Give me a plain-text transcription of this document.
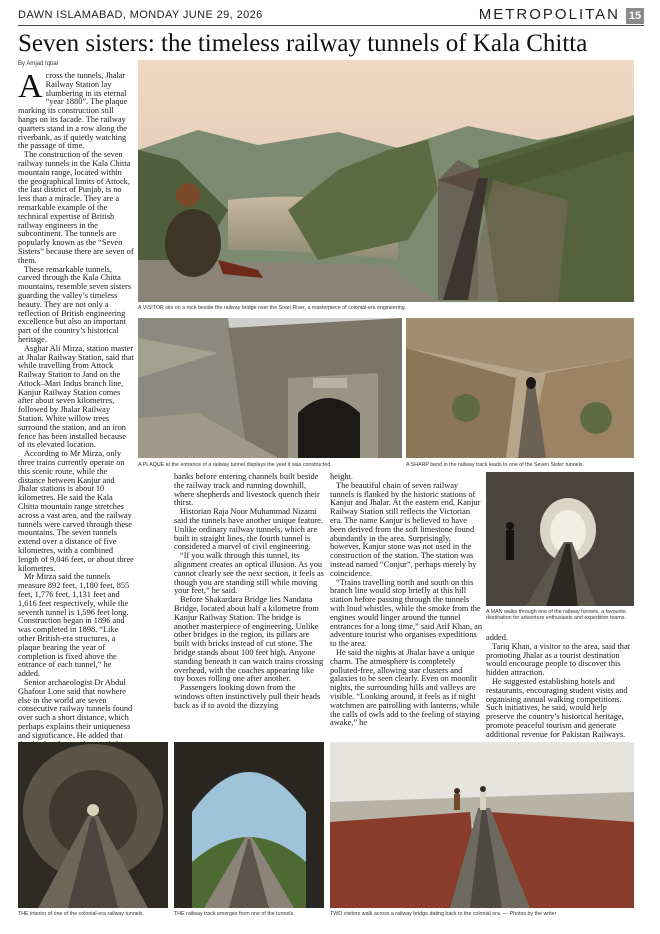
DAWN ISLAMABAD, MONDAY JUNE 29, 2026	METROPOLITAN 15
Seven sisters: the timeless railway tunnels of Kala Chitta
By Amjad Iqbal

Across the tunnels, Jhalar Railway Station lay slumbering in its eternal “year 1880”. The plaque marking its construction still hangs on its facade. The railway quarters stand in a row along the riverbank, as if quietly watching the passage of time.

The construction of the seven railway tunnels in the Kala Chitta mountain range, located within the geographical limits of Attock, the last district of Punjab, is no less than a miracle. They are a remarkable example of the technical expertise of British railway engineers in the subcontinent. The tunnels are popularly known as the “Seven Sisters” because there are seven of them.

These remarkable tunnels, carved through the Kala Chitta mountains, resemble seven sisters guarding the valley’s timeless beauty. They are not only a reflection of British engineering excellence but also an important part of the country’s historical heritage.

Asghar Ali Mirza, station master at Jhalar Railway Station, said that while travelling from Attock Railway Station to Jand on the Attock–Mari Indus branch line, Kanjur Railway Station comes after about seven kilometres, followed by Jhalar Railway Station. White willow trees surround the station, and an iron fence has been installed because of its elevated location.

According to Mr Mirza, only three trains currently operate on this scenic route, while the distance between Kanjur and Jhalar stations is about 10 kilometres. He said the Kala Chitta mountain range stretches across a vast area, and the railway tunnels were carved through these mountains. The seven tunnels extend over a distance of five kilometres, with a combined length of 9,046 feet, or about three kilometres.

Mr Mirza said the tunnels measure 892 feet, 1,180 feet, 855 feet, 1,776 feet, 1,131 feet and 1,616 feet respectively, while the seventh tunnel is 1,596 feet long. Construction began in 1896 and was completed in 1898. “Like other British-era structures, a plaque bearing the year of completion is fixed above the entrance of each tunnel,” he added.

Senior archaeologist Dr Abdul Ghafour Lone said that nowhere else in the world are seven consecutive railway tunnels found over such a short distance, which perhaps explains their uniqueness and significance. He added that

A VISITOR sits on a rock beside the railway bridge over the Soan River, a masterpiece of colonial-era engineering.
A PLAQUE at the entrance of a railway tunnel displays the year it was constructed.	A SHARP bend in the railway track leads to one of the Seven Sister tunnels.

banks before entering channels built beside the railway track and running downhill, where shepherds and livestock quench their thirst.

Historian Raja Noor Muhammad Nizami said the tunnels have another unique feature. Unlike ordinary railway tunnels, which are built in straight lines, the fourth tunnel is considered a marvel of civil engineering.

“If you walk through this tunnel, its alignment creates an optical illusion. As you cannot clearly see the next section, it feels as though you are standing still while moving your feet,” he said.

Before Shakardara Bridge lies Nandana Bridge, located about half a kilometre from Kanjur Railway Station. The bridge is another masterpiece of engineering. Unlike other bridges in the region, its pillars are built with bricks instead of cut stone. The bridge stands about 100 feet high. Anyone standing beneath it can watch trains crossing overhead, with the coaches appearing like toy boxes rolling one after another.

Passengers looking down from the windows often instinctively pull their heads back as if to avoid the dizzying

height.

The beautiful chain of seven railway tunnels is flanked by the historic stations of Kanjur and Jhalar. At the eastern end, Kanjur Railway Station still reflects the Victorian era. The name Kanjur is believed to have been derived from the soft limestone found abundantly in the area. Surprisingly, however, Kanjur stone was not used in the construction of the station. The station was instead named “Conjur”, perhaps merely by coincidence.

“Trains travelling north and south on this branch line would stop briefly at this hill station before passing through the tunnels with loud whistles, while the smoke from the engines would linger around the tunnel entrances for a long time,” said Arif Khan, an adventure tourist who organises expeditions to the area.

He said the nights at Jhalar have a unique charm. The atmosphere is completely polluted-free, allowing star clusters and galaxies to be seen clearly. Even on moonlit nights, the surrounding hills and valleys are visible. “Looking around, it feels as if night watchmen are patrolling with lanterns, while the calls of owls add to the feeling of staying awake,” he

A MAN walks through one of the railway tunnels, a favourite destination for adventure enthusiasts and expedition teams.

added.

Tariq Khan, a visitor to the area, said that promoting Jhalar as a tourist destination would encourage people to discover this hidden attraction.

He suggested establishing hotels and restaurants, encouraging student visits and organising annual walking competitions. Such initiatives, he said, would help preserve the country’s historical heritage, promote peaceful tourism and generate additional revenue for Pakistan Railways.

THE interior of one of the colonial-era railway tunnels.	THE railway track emerges from one of the tunnels.	TWO visitors walk across a railway bridge dating back to the colonial era. — Photos by the writer
